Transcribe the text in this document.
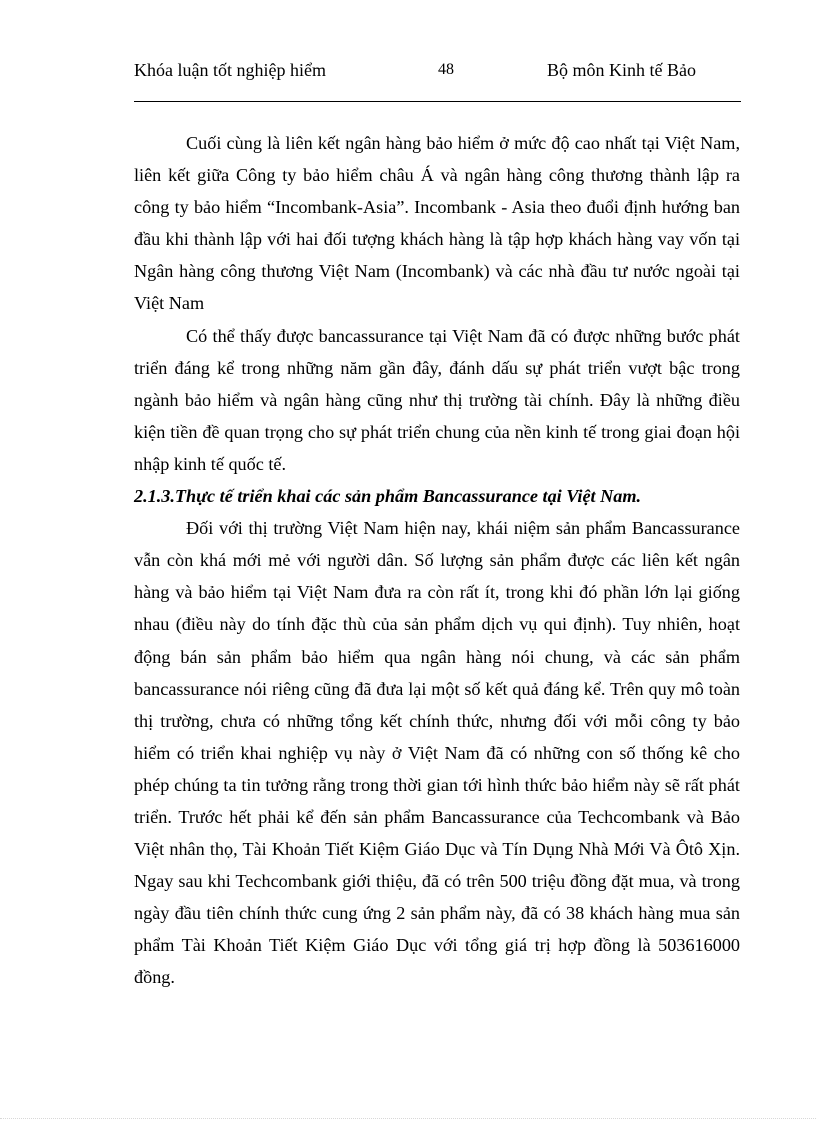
Khóa luận tốt nghiệp hiểm	48	Bộ môn Kinh tế Bảo

Cuối cùng là liên kết ngân hàng bảo hiểm ở mức độ cao nhất tại Việt Nam, liên kết giữa Công ty bảo hiểm châu Á và ngân hàng công thương thành lập ra công ty bảo hiểm “Incombank-Asia”. Incombank - Asia theo đuổi định hướng ban đầu khi thành lập với hai đối tượng khách hàng là tập hợp khách hàng vay vốn tại Ngân hàng công thương Việt Nam (Incombank) và các nhà đầu tư nước ngoài tại Việt Nam

Có thể thấy được bancassurance tại Việt Nam đã có được những bước phát triển đáng kể trong những năm gần đây, đánh dấu sự phát triển vượt bậc trong ngành bảo hiểm và ngân hàng cũng như thị trường tài chính. Đây là những điều kiện tiền đề quan trọng cho sự phát triển chung của nền kinh tế trong giai đoạn hội nhập kinh tế quốc tế.

2.1.3.Thực tế triển khai các sản phẩm Bancassurance tại Việt Nam.

Đối với thị trường Việt Nam hiện nay, khái niệm sản phẩm Bancassurance vẫn còn khá mới mẻ với người dân. Số lượng sản phẩm được các liên kết ngân hàng và bảo hiểm tại Việt Nam đưa ra còn rất ít, trong khi đó phần lớn lại giống nhau (điều này do tính đặc thù của sản phẩm dịch vụ qui định). Tuy nhiên, hoạt động bán sản phẩm bảo hiểm qua ngân hàng nói chung, và các sản phẩm bancassurance nói riêng cũng đã đưa lại một số kết quả đáng kể. Trên quy mô toàn thị trường, chưa có những tổng kết chính thức, nhưng đối với mỗi công ty bảo hiểm có triển khai nghiệp vụ này ở Việt Nam đã có những con số thống kê cho phép chúng ta tin tưởng rằng trong thời gian tới hình thức bảo hiểm này sẽ rất phát triển. Trước hết phải kể đến sản phẩm Bancassurance của Techcombank và Bảo Việt nhân thọ, Tài Khoản Tiết Kiệm Giáo Dục và Tín Dụng Nhà Mới Và Ôtô Xịn. Ngay sau khi Techcombank giới thiệu, đã có trên 500 triệu đồng đặt mua, và trong ngày đầu tiên chính thức cung ứng 2 sản phẩm này, đã có 38 khách hàng mua sản phẩm Tài Khoản Tiết Kiệm Giáo Dục với tổng giá trị hợp đồng là 503616000 đồng.
